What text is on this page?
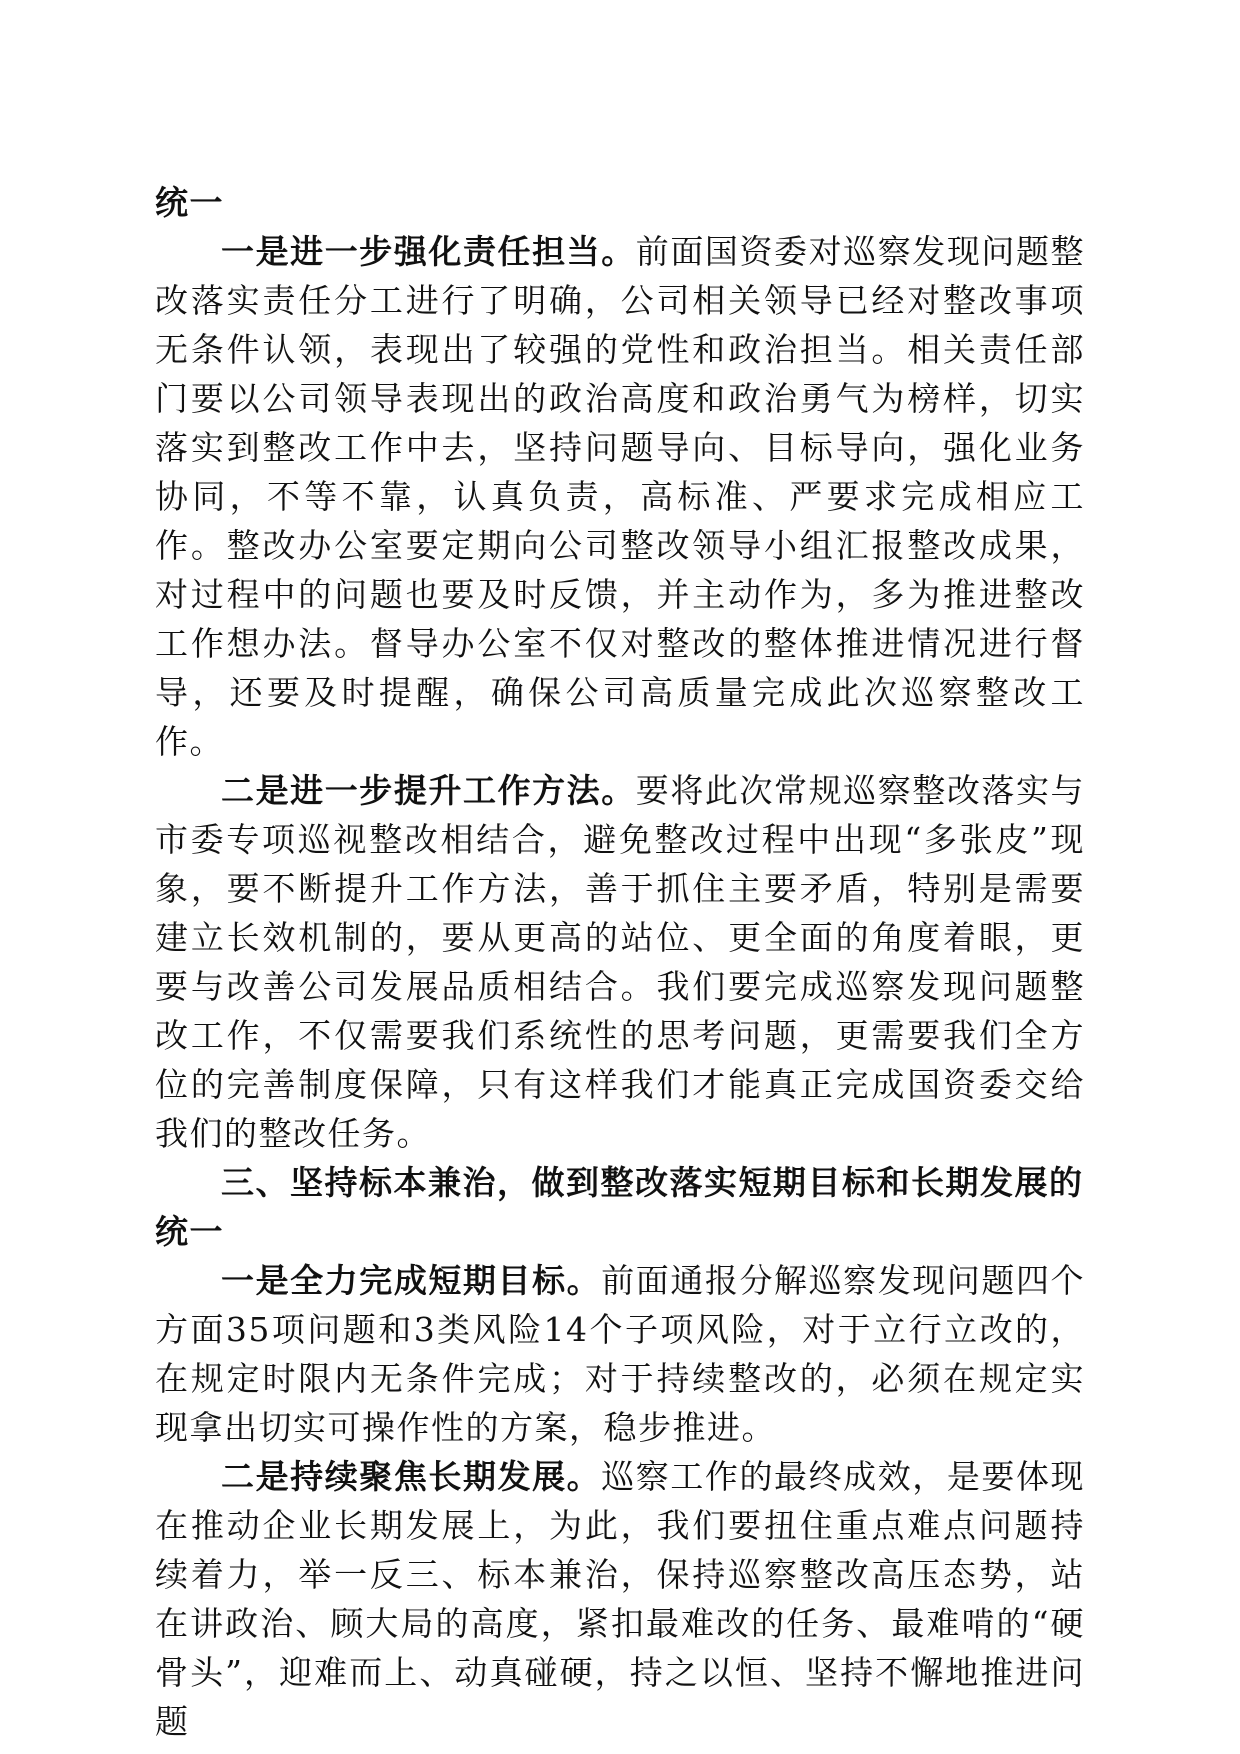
统一

一是进一步强化责任担当。前面国资委对巡察发现问题整改落实责任分工进行了明确，公司相关领导已经对整改事项无条件认领，表现出了较强的党性和政治担当。相关责任部门要以公司领导表现出的政治高度和政治勇气为榜样，切实落实到整改工作中去，坚持问题导向、目标导向，强化业务协同，不等不靠，认真负责，高标准、严要求完成相应工作。整改办公室要定期向公司整改领导小组汇报整改成果，对过程中的问题也要及时反馈，并主动作为，多为推进整改工作想办法。督导办公室不仅对整改的整体推进情况进行督导，还要及时提醒，确保公司高质量完成此次巡察整改工作。

二是进一步提升工作方法。要将此次常规巡察整改落实与市委专项巡视整改相结合，避免整改过程中出现“多张皮”现象，要不断提升工作方法，善于抓住主要矛盾，特别是需要建立长效机制的，要从更高的站位、更全面的角度着眼，更要与改善公司发展品质相结合。我们要完成巡察发现问题整改工作，不仅需要我们系统性的思考问题，更需要我们全方位的完善制度保障，只有这样我们才能真正完成国资委交给我们的整改任务。

三、坚持标本兼治，做到整改落实短期目标和长期发展的

统一

一是全力完成短期目标。前面通报分解巡察发现问题四个方面35项问题和3类风险14个子项风险，对于立行立改的，在规定时限内无条件完成；对于持续整改的，必须在规定实现拿出切实可操作性的方案，稳步推进。

二是持续聚焦长期发展。巡察工作的最终成效，是要体现在推动企业长期发展上，为此，我们要扭住重点难点问题持续着力，举一反三、标本兼治，保持巡察整改高压态势，站在讲政治、顾大局的高度，紧扣最难改的任务、最难啃的“硬骨头”，迎难而上、动真碰硬，持之以恒、坚持不懈地推进问题
